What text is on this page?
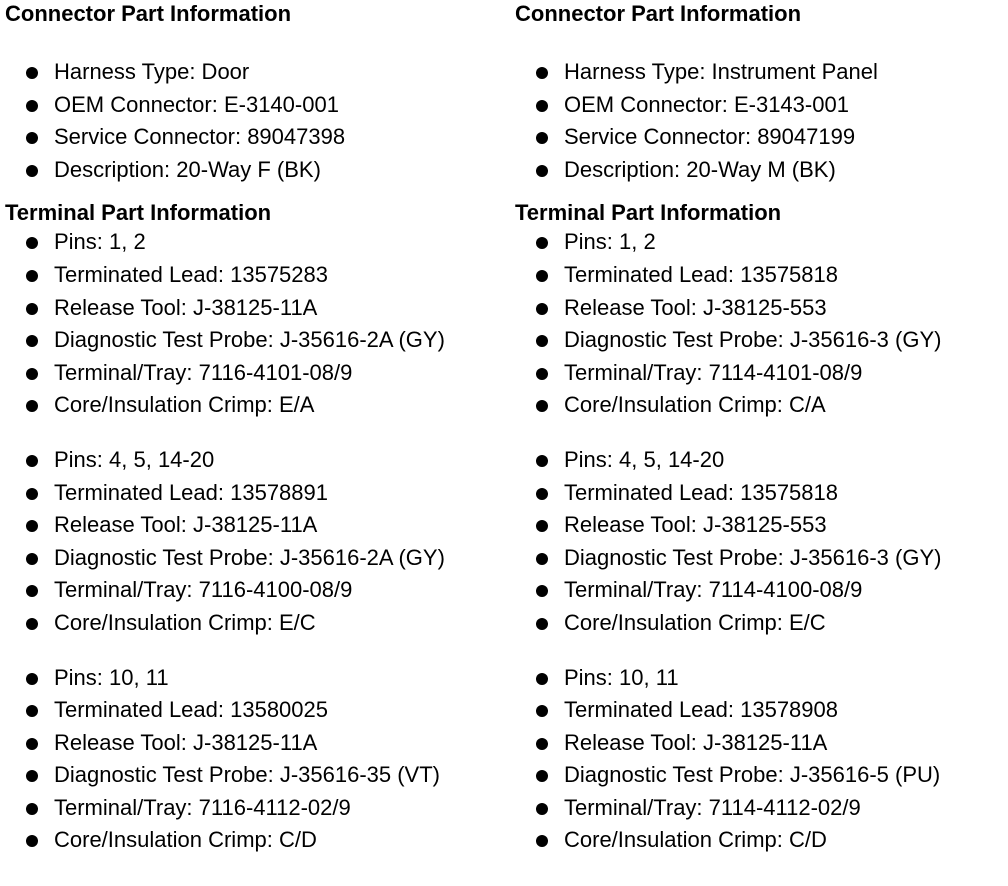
Connector Part Information
Harness Type: Door
OEM Connector: E-3140-001
Service Connector: 89047398
Description: 20-Way F (BK)
Terminal Part Information
Pins: 1, 2
Terminated Lead: 13575283
Release Tool: J-38125-11A
Diagnostic Test Probe: J-35616-2A (GY)
Terminal/Tray: 7116-4101-08/9
Core/Insulation Crimp: E/A
Pins: 4, 5, 14-20
Terminated Lead: 13578891
Release Tool: J-38125-11A
Diagnostic Test Probe: J-35616-2A (GY)
Terminal/Tray: 7116-4100-08/9
Core/Insulation Crimp: E/C
Pins: 10, 11
Terminated Lead: 13580025
Release Tool: J-38125-11A
Diagnostic Test Probe: J-35616-35 (VT)
Terminal/Tray: 7116-4112-02/9
Core/Insulation Crimp: C/D
Connector Part Information
Harness Type: Instrument Panel
OEM Connector: E-3143-001
Service Connector: 89047199
Description: 20-Way M (BK)
Terminal Part Information
Pins: 1, 2
Terminated Lead: 13575818
Release Tool: J-38125-553
Diagnostic Test Probe: J-35616-3 (GY)
Terminal/Tray: 7114-4101-08/9
Core/Insulation Crimp: C/A
Pins: 4, 5, 14-20
Terminated Lead: 13575818
Release Tool: J-38125-553
Diagnostic Test Probe: J-35616-3 (GY)
Terminal/Tray: 7114-4100-08/9
Core/Insulation Crimp: E/C
Pins: 10, 11
Terminated Lead: 13578908
Release Tool: J-38125-11A
Diagnostic Test Probe: J-35616-5 (PU)
Terminal/Tray: 7114-4112-02/9
Core/Insulation Crimp: C/D
